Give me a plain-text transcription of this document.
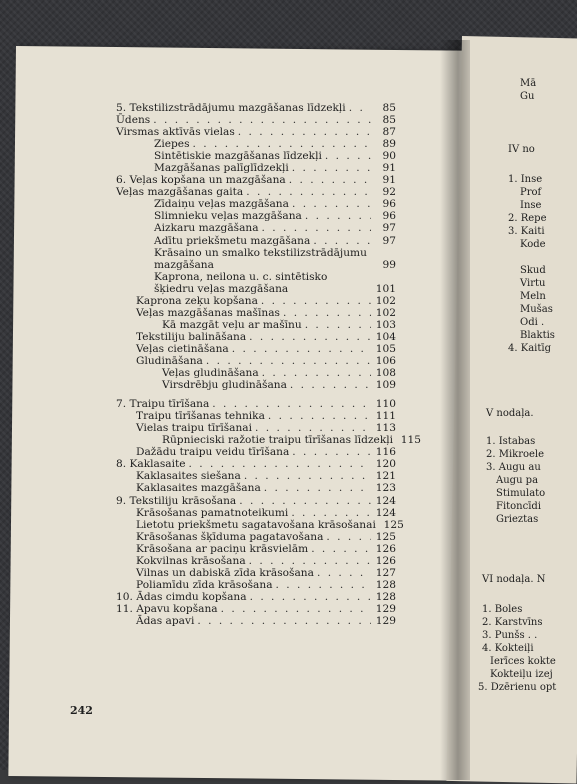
5. Tekstilizstrādājumu mazgāšanas līdzekļi . . .	85
Ūdens . . .	85
Virsmas aktīvās vielas . . .	87
Ziepes . . .	89
Sintētiskie mazgāšanas līdzekļi . . .	90
Mazgāšanas palīglīdzekļi . . .	91
6. Veļas kopšana un mazgāšana . . .	91
Veļas mazgāšanas gaita . . .	92
Zīdaiņu veļas mazgāšana . . .	96
Slimnieku veļas mazgāšana . . .	96
Aizkaru mazgāšana . . .	97
Adītu priekšmetu mazgāšana . . .	97
Krāsaino un smalko tekstilizstrādājumu mazgāšana	99
Kaprona, neilona u. c. sintētisko šķiedru veļas mazgāšana	101
Kaprona zeķu kopšana . . .	102
Veļas mazgāšanas mašīnas . . .	102
Kā mazgāt veļu ar mašīnu . . .	103
Tekstiliju balināšana . . .	104
Veļas cietināšana . . .	105
Gludināšana . . .	106
Veļas gludināšana . . .	108
Virsdrēbju gludināšana . . .	109
7. Traipu tīrīšana . . .	110
Traipu tīrīšanas tehnika . . .	111
Vielas traipu tīrīšanai . . .	113
Rūpnieciski ražotie traipu tīrīšanas līdzekļi 115
Dažādu traipu veidu tīrīšana . . .	116
8. Kaklasaite . . .	120
Kaklasaites siešana . . .	121
Kaklasaites mazgāšana . . .	123
9. Tekstiliju krāsošana . . .	124
Krāsošanas pamatnoteikumi . . .	124
Lietotu priekšmetu sagatavošana krāsošanai 125
Krāsošanas šķīduma pagatavošana . . .	125
Krāsošana ar paciņu krāsvielām . . .	126
Kokvilnas krāsošana . . .	126
Vilnas un dabiskā zīda krāsošana . . .	127
Poliamīdu zīda krāsošana . . .	128
10. Ādas cimdu kopšana . . .	128
11. Apavu kopšana . . .	129
Ādas apavi . . .	129
242
Mā
Gu
IV no
1. Inse
Prof
Inse
2. Repe
3. Kaiti
Kode
Skud
Virtu
Meln
Mušas
Odi .
Blaktis
4. Kaitīg
V nodaļa.
1. Istabas
2. Mikroele
3. Augu au
Augu pa
Stimulato
Fitoncīdi
Grieztas
VI nodaļa. N
1. Boles
2. Karstvīns
3. Punšs . .
4. Kokteiļi
Ierīces kokte
Kokteiļu izej
5. Dzērienu opt
